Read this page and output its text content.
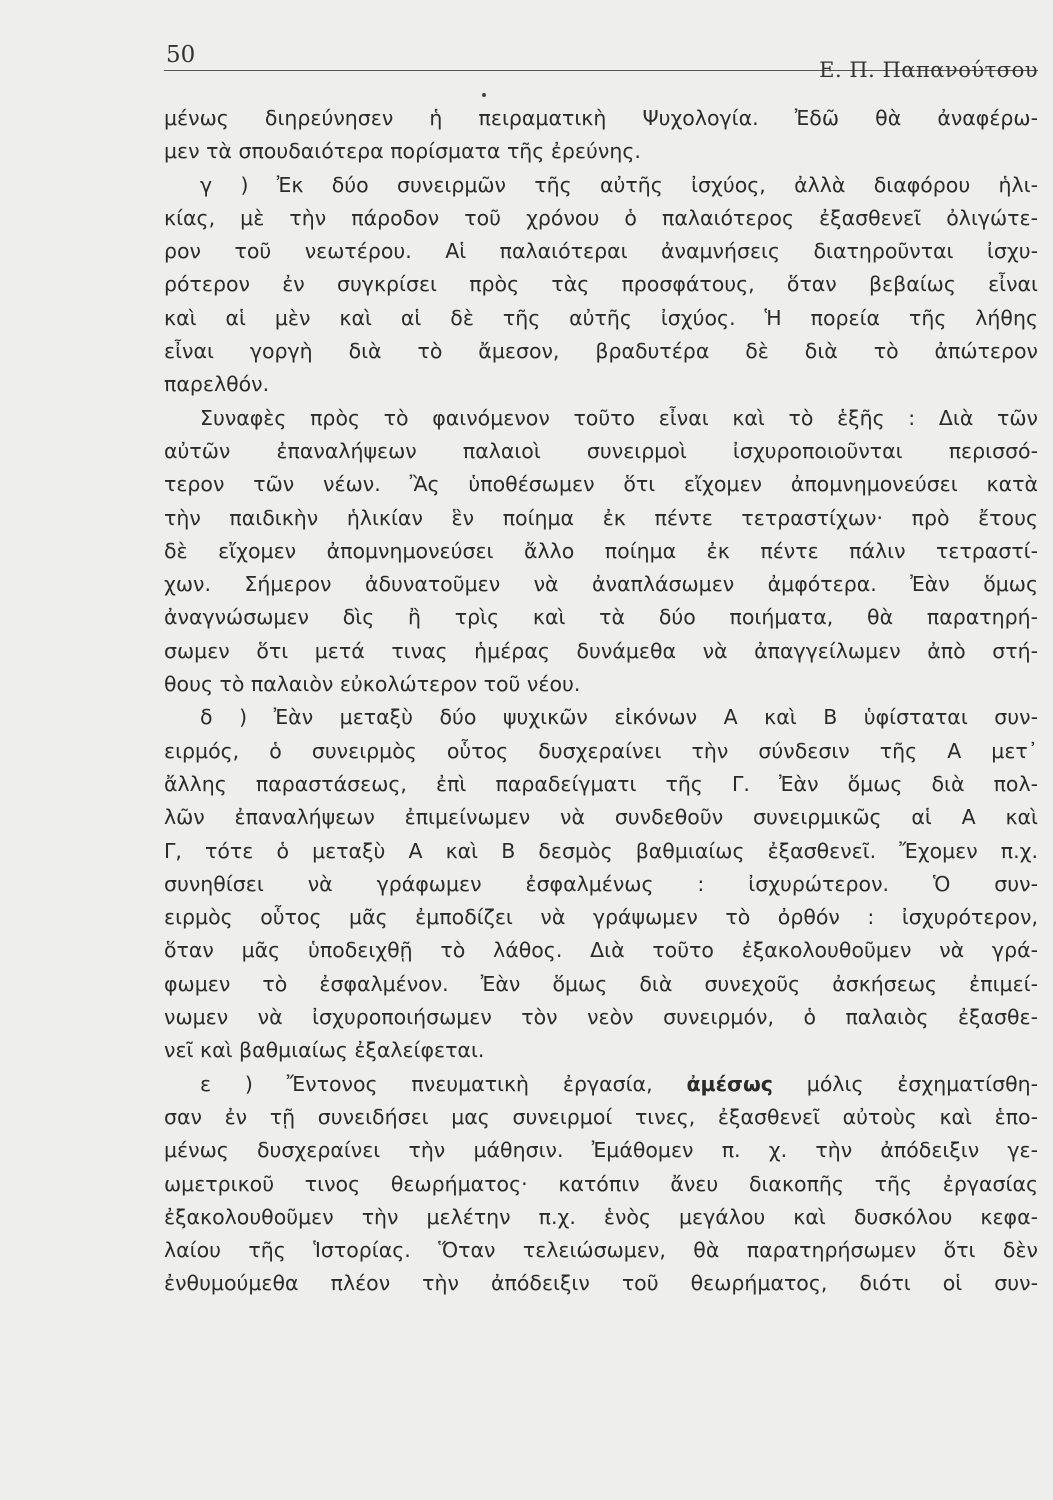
50
Ε. Π. Παπανούτσου
μένως διηρεύνησεν ἡ πειραματικὴ Ψυχολογία. Ἐδῶ θὰ ἀναφέρω-
μεν τὰ σπουδαιότερα πορίσματα τῆς ἐρεύνης.
γ ) Ἐκ δύο συνειρμῶν τῆς αὐτῆς ἰσχύος, ἀλλὰ διαφόρου ἡλι-
κίας, μὲ τὴν πάροδον τοῦ χρόνου ὁ παλαιότερος ἐξασθενεῖ ὀλιγώτε-
ρον τοῦ νεωτέρου. Αἱ παλαιότεραι ἀναμνήσεις διατηροῦνται ἰσχυ-
ρότερον ἐν συγκρίσει πρὸς τὰς προσφάτους, ὅταν βεβαίως εἶναι
καὶ αἱ μὲν καὶ αἱ δὲ τῆς αὐτῆς ἰσχύος. Ἡ πορεία τῆς λήθης
εἶναι γοργὴ διὰ τὸ ἄμεσον, βραδυτέρα δὲ διὰ τὸ ἀπώτερον
παρελθόν.
Συναφὲς πρὸς τὸ φαινόμενον τοῦτο εἶναι καὶ τὸ ἑξῆς : Διὰ τῶν
αὐτῶν ἐπαναλήψεων παλαιοὶ συνειρμοὶ ἰσχυροποιοῦνται περισσό-
τερον τῶν νέων. Ἂς ὑποθέσωμεν ὅτι εἴχομεν ἀπομνημονεύσει κατὰ
τὴν παιδικὴν ἡλικίαν ἓν ποίημα ἐκ πέντε τετραστίχων· πρὸ ἔτους
δὲ εἴχομεν ἀπομνημονεύσει ἄλλο ποίημα ἐκ πέντε πάλιν τετραστί-
χων. Σήμερον ἀδυνατοῦμεν νὰ ἀναπλάσωμεν ἀμφότερα. Ἐὰν ὅμως
ἀναγνώσωμεν δὶς ἢ τρὶς καὶ τὰ δύο ποιήματα, θὰ παρατηρή-
σωμεν ὅτι μετά τινας ἡμέρας δυνάμεθα νὰ ἀπαγγείλωμεν ἀπὸ στή-
θους τὸ παλαιὸν εὐκολώτερον τοῦ νέου.
δ ) Ἐὰν μεταξὺ δύο ψυχικῶν εἰκόνων Α καὶ Β ὑφίσταται συν-
ειρμός, ὁ συνειρμὸς οὗτος δυσχεραίνει τὴν σύνδεσιν τῆς Α μετ᾽
ἄλλης παραστάσεως, ἐπὶ παραδείγματι τῆς Γ. Ἐὰν ὅμως διὰ πολ-
λῶν ἐπαναλήψεων ἐπιμείνωμεν νὰ συνδεθοῦν συνειρμικῶς αἱ Α καὶ
Γ, τότε ὁ μεταξὺ Α καὶ Β δεσμὸς βαθμιαίως ἐξασθενεῖ. Ἔχομεν π.χ.
συνηθίσει νὰ γράφωμεν ἐσφαλμένως : ἰσχυρώτερον. Ὁ συν-
ειρμὸς οὗτος μᾶς ἐμποδίζει νὰ γράψωμεν τὸ ὀρθόν : ἰσχυρότερον,
ὅταν μᾶς ὑποδειχθῇ τὸ λάθος. Διὰ τοῦτο ἐξακολουθοῦμεν νὰ γρά-
φωμεν τὸ ἐσφαλμένον. Ἐὰν ὅμως διὰ συνεχοῦς ἀσκήσεως ἐπιμεί-
νωμεν νὰ ἰσχυροποιήσωμεν τὸν νεὸν συνειρμόν, ὁ παλαιὸς ἐξασθε-
νεῖ καὶ βαθμιαίως ἐξαλείφεται.
ε ) Ἔντονος πνευματικὴ ἐργασία, ἀμέσως μόλις ἐσχηματίσθη-
σαν ἐν τῇ συνειδήσει μας συνειρμοί τινες, ἐξασθενεῖ αὐτοὺς καὶ ἑπο-
μένως δυσχεραίνει τὴν μάθησιν. Ἐμάθομεν π. χ. τὴν ἀπόδειξιν γε-
ωμετρικοῦ τινος θεωρήματος· κατόπιν ἄνευ διακοπῆς τῆς ἐργασίας
ἐξακολουθοῦμεν τὴν μελέτην π.χ. ἑνὸς μεγάλου καὶ δυσκόλου κεφα-
λαίου τῆς Ἱστορίας. Ὅταν τελειώσωμεν, θὰ παρατηρήσωμεν ὅτι δὲν
ἐνθυμούμεθα πλέον τὴν ἀπόδειξιν τοῦ θεωρήματος, διότι οἱ συν-
